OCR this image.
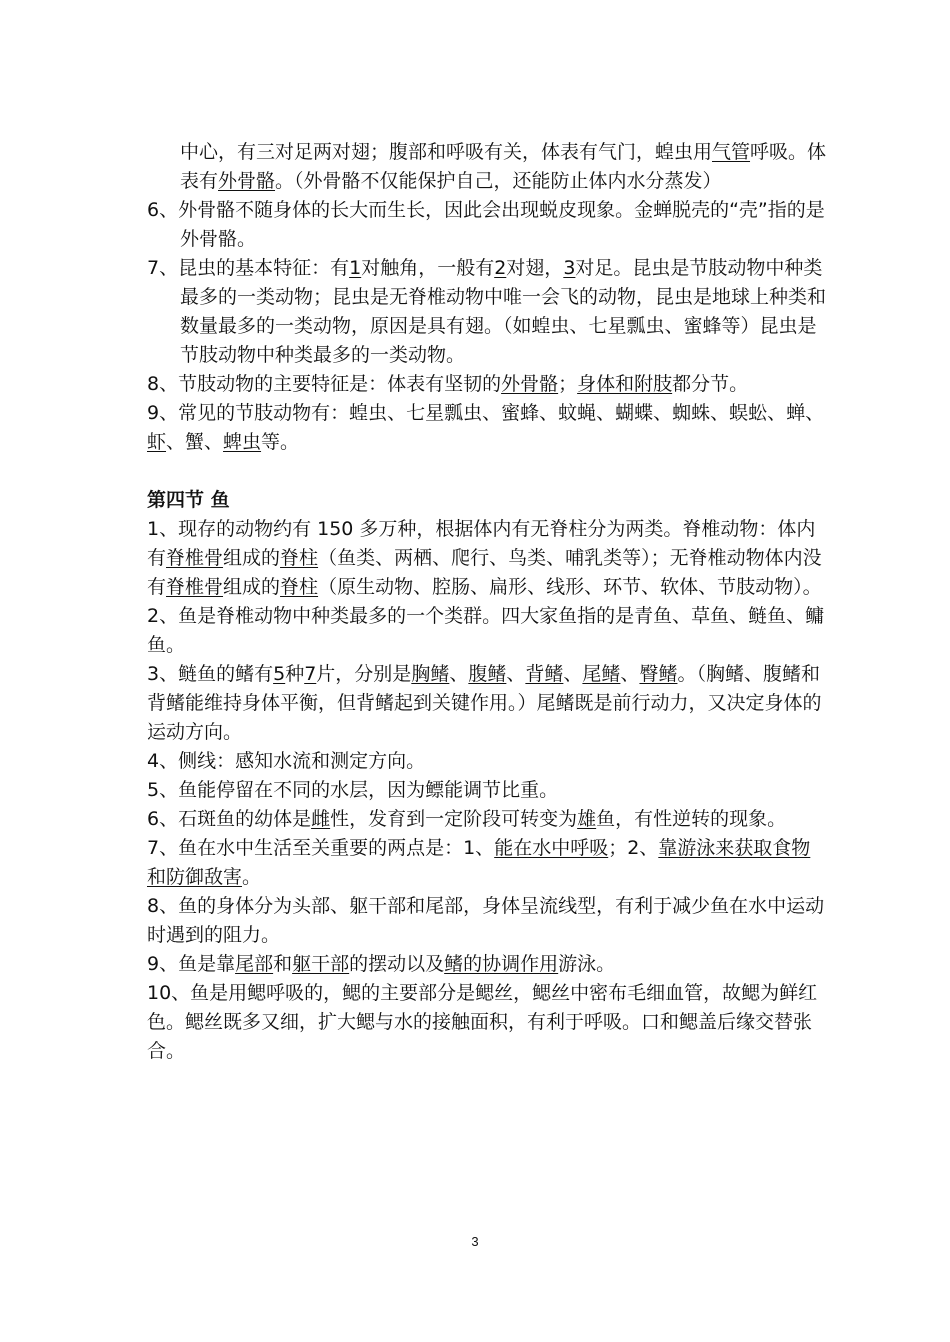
中心，有三对足两对翅；腹部和呼吸有关，体表有气门，蝗虫用气管呼吸。体表有外骨骼。（外骨骼不仅能保护自己，还能防止体内水分蒸发）

6、外骨骼不随身体的长大而生长，因此会出现蜕皮现象。金蝉脱壳的“壳”指的是外骨骼。

7、昆虫的基本特征：有1对触角，一般有2对翅，3对足。昆虫是节肢动物中种类最多的一类动物；昆虫是无脊椎动物中唯一会飞的动物，昆虫是地球上种类和数量最多的一类动物，原因是具有翅。（如蝗虫、七星瓢虫、蜜蜂等）昆虫是节肢动物中种类最多的一类动物。

8、节肢动物的主要特征是：体表有坚韧的外骨骼；身体和附肢都分节。

9、常见的节肢动物有：蝗虫、七星瓢虫、蜜蜂、蚊蝇、蝴蝶、蜘蛛、蜈蚣、蝉、虾、蟹、蜱虫等。

第四节 鱼

1、现存的动物约有 150 多万种，根据体内有无脊柱分为两类。脊椎动物：体内有脊椎骨组成的脊柱（鱼类、两栖、爬行、鸟类、哺乳类等）；无脊椎动物体内没有脊椎骨组成的脊柱（原生动物、腔肠、扁形、线形、环节、软体、节肢动物）。

2、鱼是脊椎动物中种类最多的一个类群。四大家鱼指的是青鱼、草鱼、鲢鱼、鳙鱼。

3、鲢鱼的鳍有5种7片，分别是胸鳍、腹鳍、背鳍、尾鳍、臀鳍。（胸鳍、腹鳍和背鳍能维持身体平衡，但背鳍起到关键作用。）尾鳍既是前行动力，又决定身体的运动方向。

4、侧线：感知水流和测定方向。

5、鱼能停留在不同的水层，因为鳔能调节比重。

6、石斑鱼的幼体是雌性，发育到一定阶段可转变为雄鱼，有性逆转的现象。

7、鱼在水中生活至关重要的两点是：1、能在水中呼吸；2、靠游泳来获取食物和防御敌害。

8、鱼的身体分为头部、躯干部和尾部，身体呈流线型，有利于减少鱼在水中运动时遇到的阻力。

9、鱼是靠尾部和躯干部的摆动以及鳍的协调作用游泳。

10、鱼是用鳃呼吸的，鳃的主要部分是鳃丝，鳃丝中密布毛细血管，故鳃为鲜红色。鳃丝既多又细，扩大鳃与水的接触面积，有利于呼吸。口和鳃盖后缘交替张合。

3
